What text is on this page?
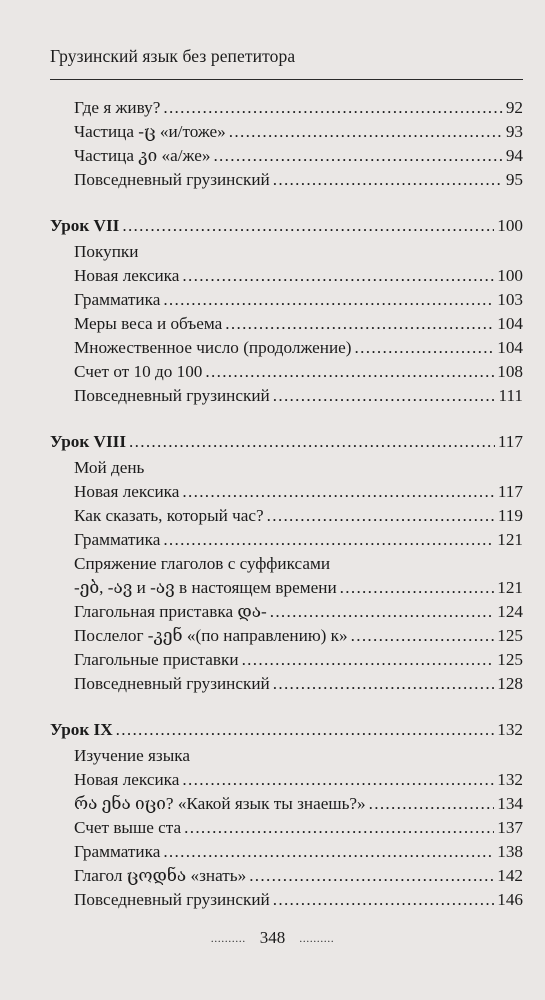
Грузинский язык без репетитора
Где я живу? . . .	92
Частица -ც «и/тоже» . . .	93
Частица კი «а/же» . . .	94
Повседневный грузинский . . .	95
Урок VII . . .	100
Покупки
Новая лексика . . .	100
Грамматика . . .	103
Меры веса и объема . . .	104
Множественное число (продолжение) . . .	104
Счет от 10 до 100 . . .	108
Повседневный грузинский . . .	111
Урок VIII . . .	117
Мой день
Новая лексика . . .	117
Как сказать, который час? . . .	119
Грамматика . . .	121
Спряжение глаголов с суффиксами
-ებ, -ავ и -ავ в настоящем времени . . .	121
Глагольная приставка და- . . .	124
Послелог -კენ «(по направлению) к» . . .	125
Глагольные приставки . . .	125
Повседневный грузинский . . .	128
Урок IX . . .	132
Изучение языка
Новая лексика . . .	132
რა ენა იცი? «Какой язык ты знаешь?» . . .	134
Счет выше ста . . .	137
Грамматика . . .	138
Глагол ცოდნა «знать» . . .	142
Повседневный грузинский . . .	146
.......... 348 ..........
